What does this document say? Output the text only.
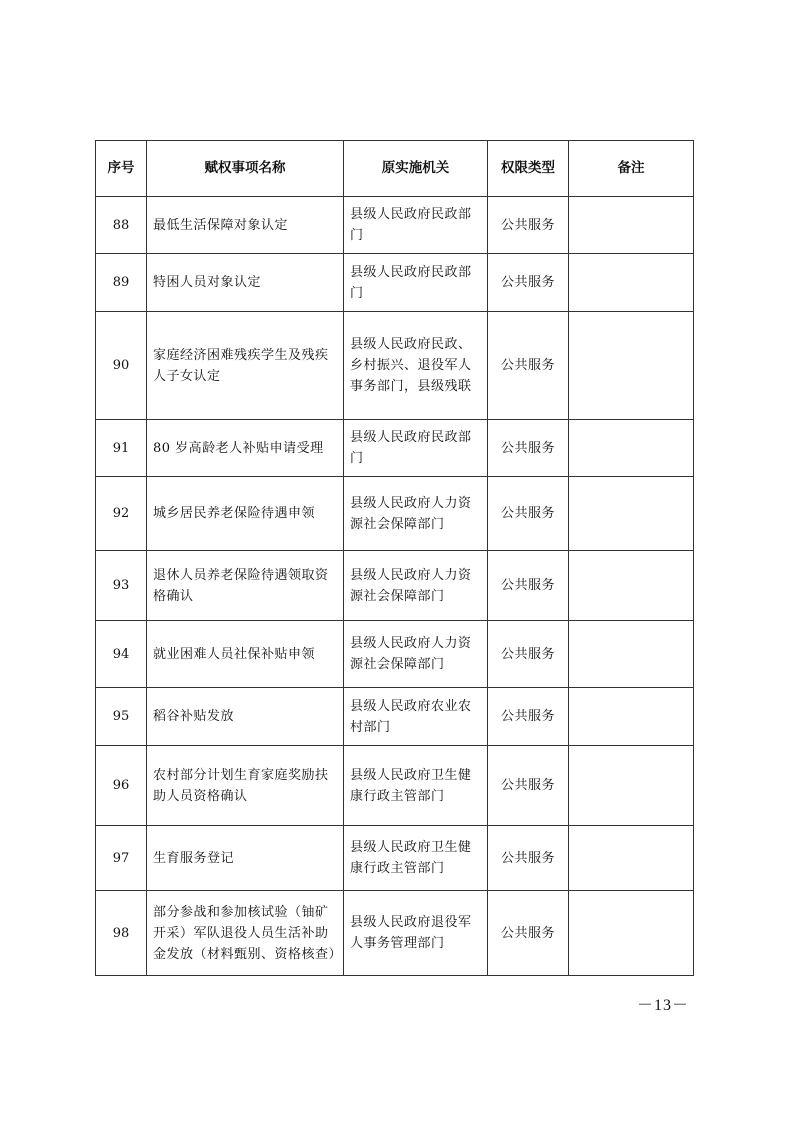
序号	赋权事项名称	原实施机关	权限类型	备注
88	最低生活保障对象认定	县级人民政府民政部门	公共服务	
89	特困人员对象认定	县级人民政府民政部门	公共服务	
90	家庭经济困难残疾学生及残疾人子女认定	县级人民政府民政、乡村振兴、退役军人事务部门，县级残联	公共服务	
91	80 岁高龄老人补贴申请受理	县级人民政府民政部门	公共服务	
92	城乡居民养老保险待遇申领	县级人民政府人力资源社会保障部门	公共服务	
93	退休人员养老保险待遇领取资格确认	县级人民政府人力资源社会保障部门	公共服务	
94	就业困难人员社保补贴申领	县级人民政府人力资源社会保障部门	公共服务	
95	稻谷补贴发放	县级人民政府农业农村部门	公共服务	
96	农村部分计划生育家庭奖励扶助人员资格确认	县级人民政府卫生健康行政主管部门	公共服务	
97	生育服务登记	县级人民政府卫生健康行政主管部门	公共服务	
98	部分参战和参加核试验（铀矿开采）军队退役人员生活补助金发放（材料甄别、资格核查）	县级人民政府退役军人事务管理部门	公共服务	
－13－
